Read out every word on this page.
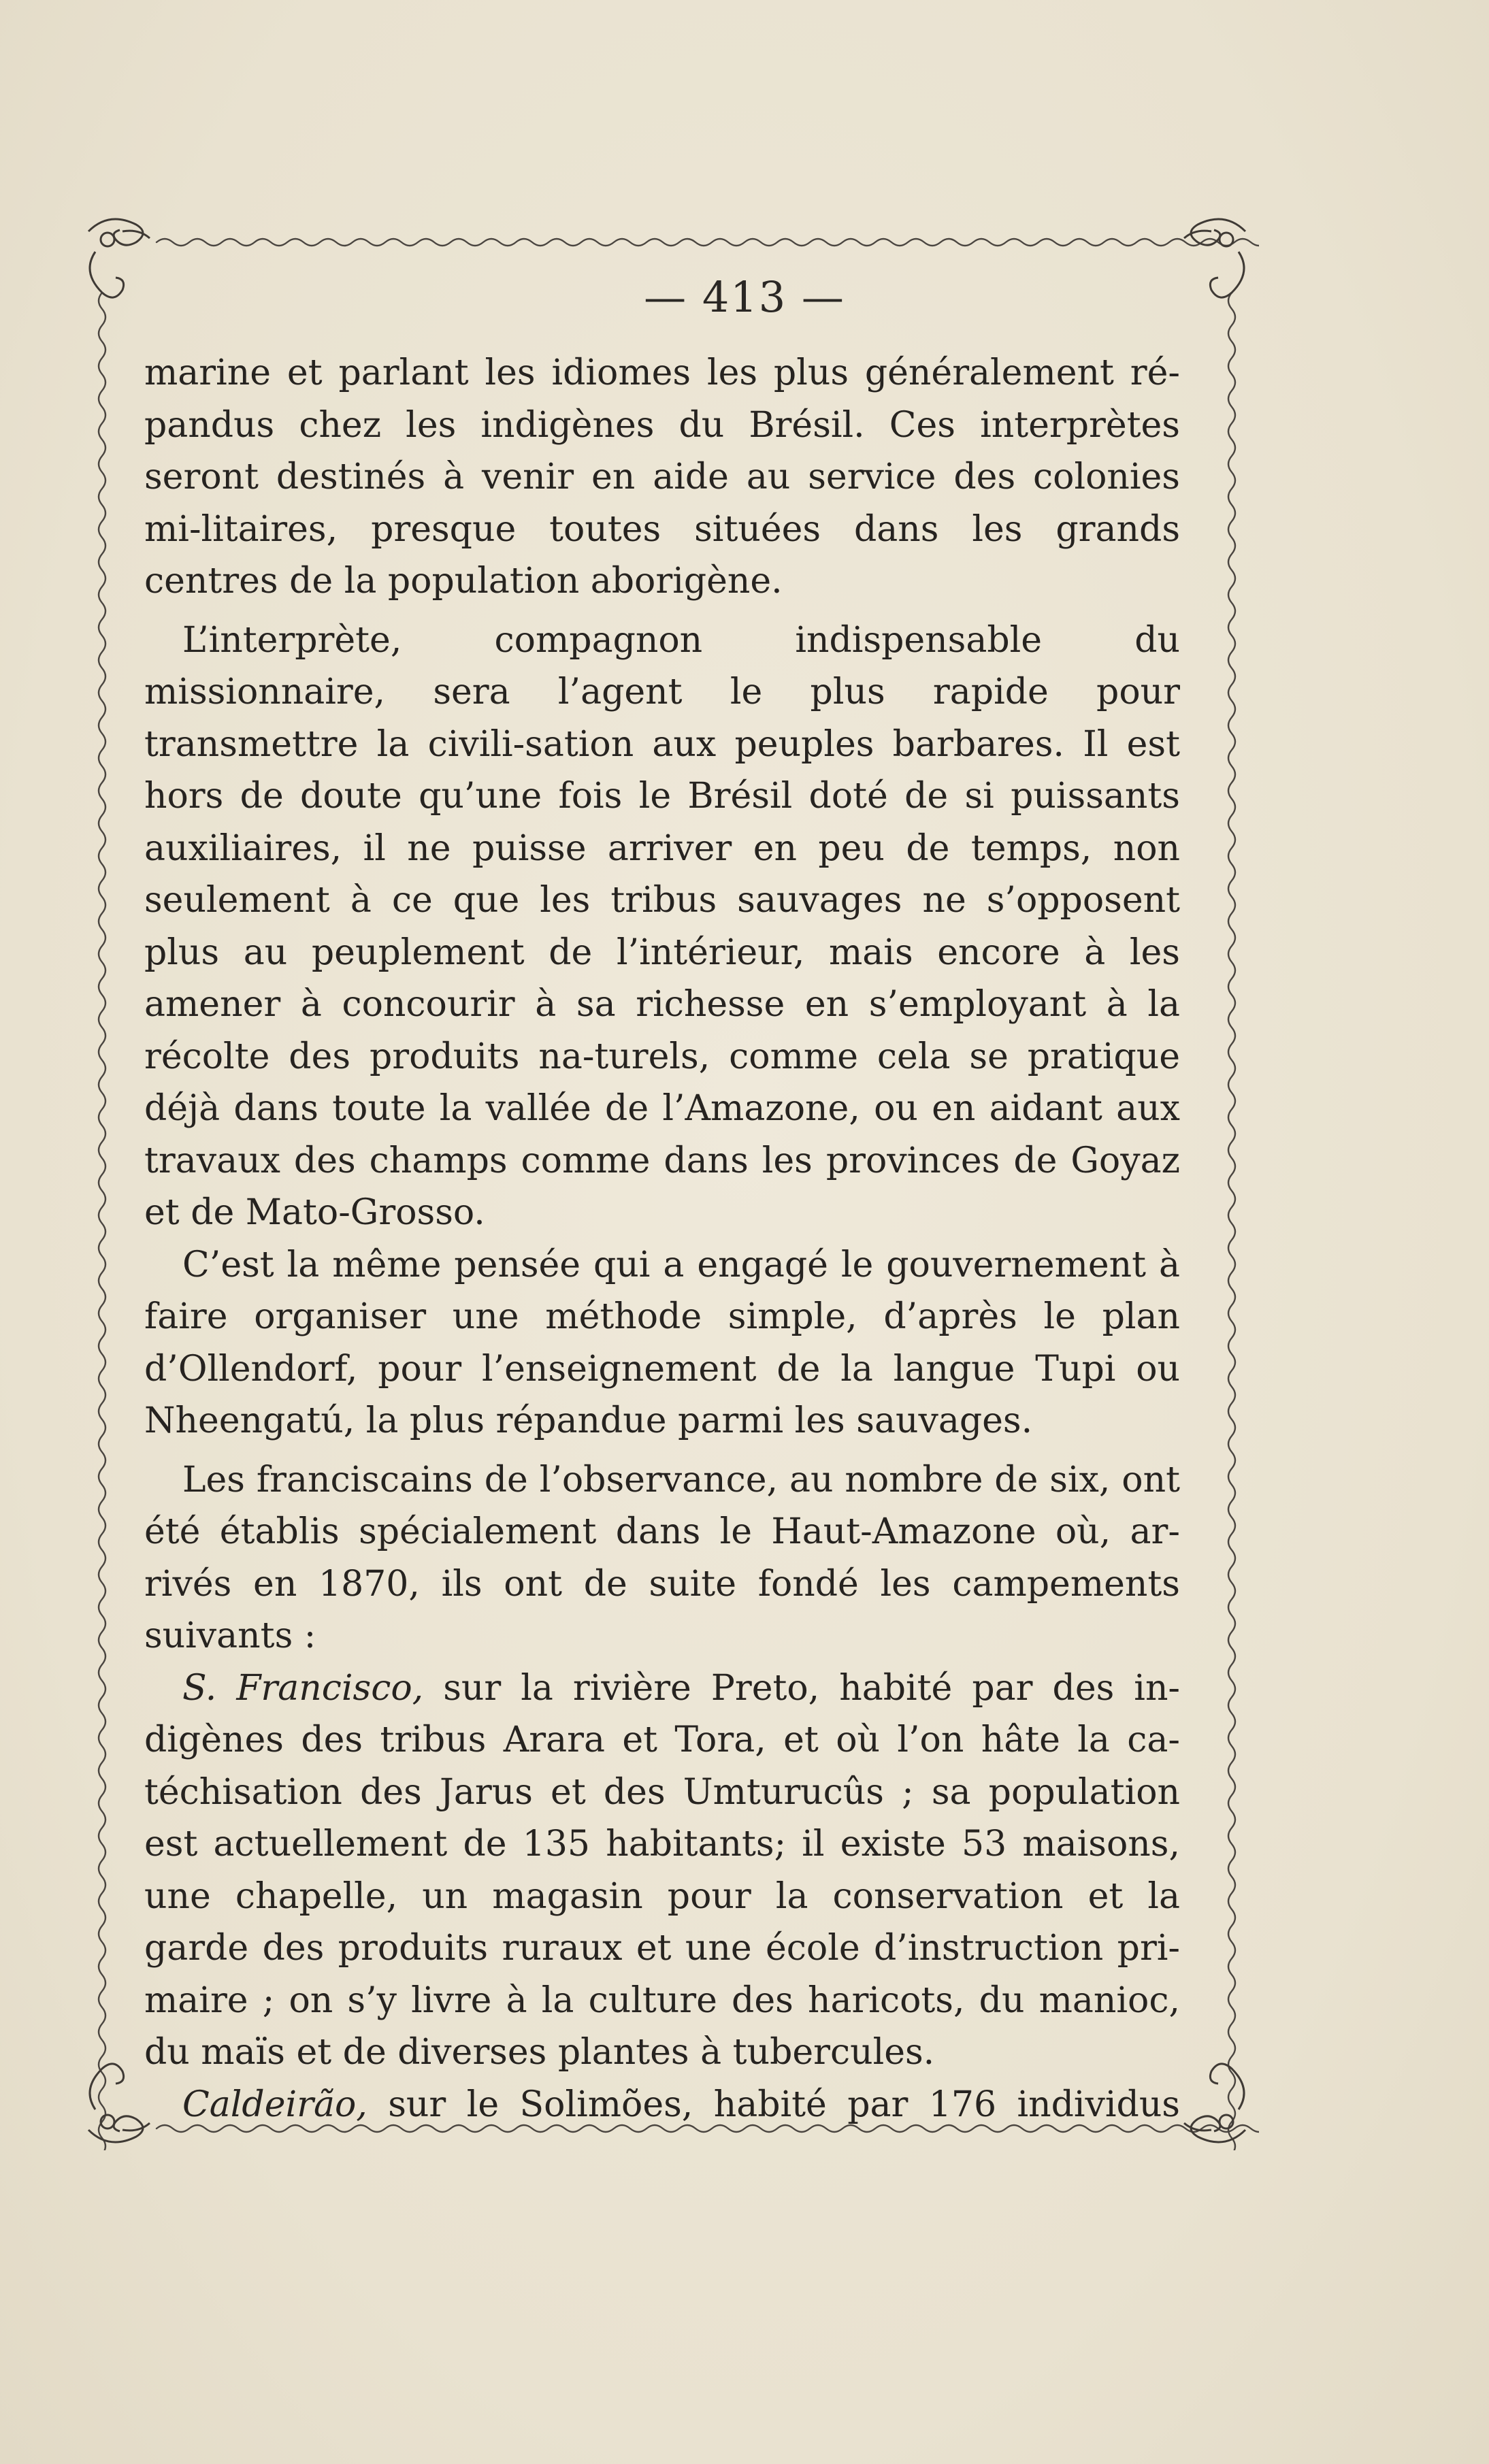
— 413 —

marine et parlant les idiomes les plus généralement ré-pandus chez les indigènes du Brésil. Ces interprètes seront destinés à venir en aide au service des colonies mi-litaires, presque toutes situées dans les grands centres de la population aborigène.

L’interprète, compagnon indispensable du missionnaire, sera l’agent le plus rapide pour transmettre la civili-sation aux peuples barbares. Il est hors de doute qu’une fois le Brésil doté de si puissants auxiliaires, il ne puisse arriver en peu de temps, non seulement à ce que les tribus sauvages ne s’opposent plus au peuplement de l’intérieur, mais encore à les amener à concourir à sa richesse en s’employant à la récolte des produits na-turels, comme cela se pratique déjà dans toute la vallée de l’Amazone, ou en aidant aux travaux des champs comme dans les provinces de Goyaz et de Mato-Grosso.

C’est la même pensée qui a engagé le gouvernement à faire organiser une méthode simple, d’après le plan d’Ollendorf, pour l’enseignement de la langue Tupi ou Nheengatú, la plus répandue parmi les sauvages.

Les franciscains de l’observance, au nombre de six, ont été établis spécialement dans le Haut-Amazone où, ar-rivés en 1870, ils ont de suite fondé les campements suivants :

S. Francisco, sur la rivière Preto, habité par des in-digènes des tribus Arara et Tora, et où l’on hâte la ca-téchisation des Jarus et des Umturucûs ; sa population est actuellement de 135 habitants; il existe 53 maisons, une chapelle, un magasin pour la conservation et la garde des produits ruraux et une école d’instruction pri-maire ; on s’y livre à la culture des haricots, du manioc, du maïs et de diverses plantes à tubercules.

Caldeirão, sur le Solimões, habité par 176 individus
